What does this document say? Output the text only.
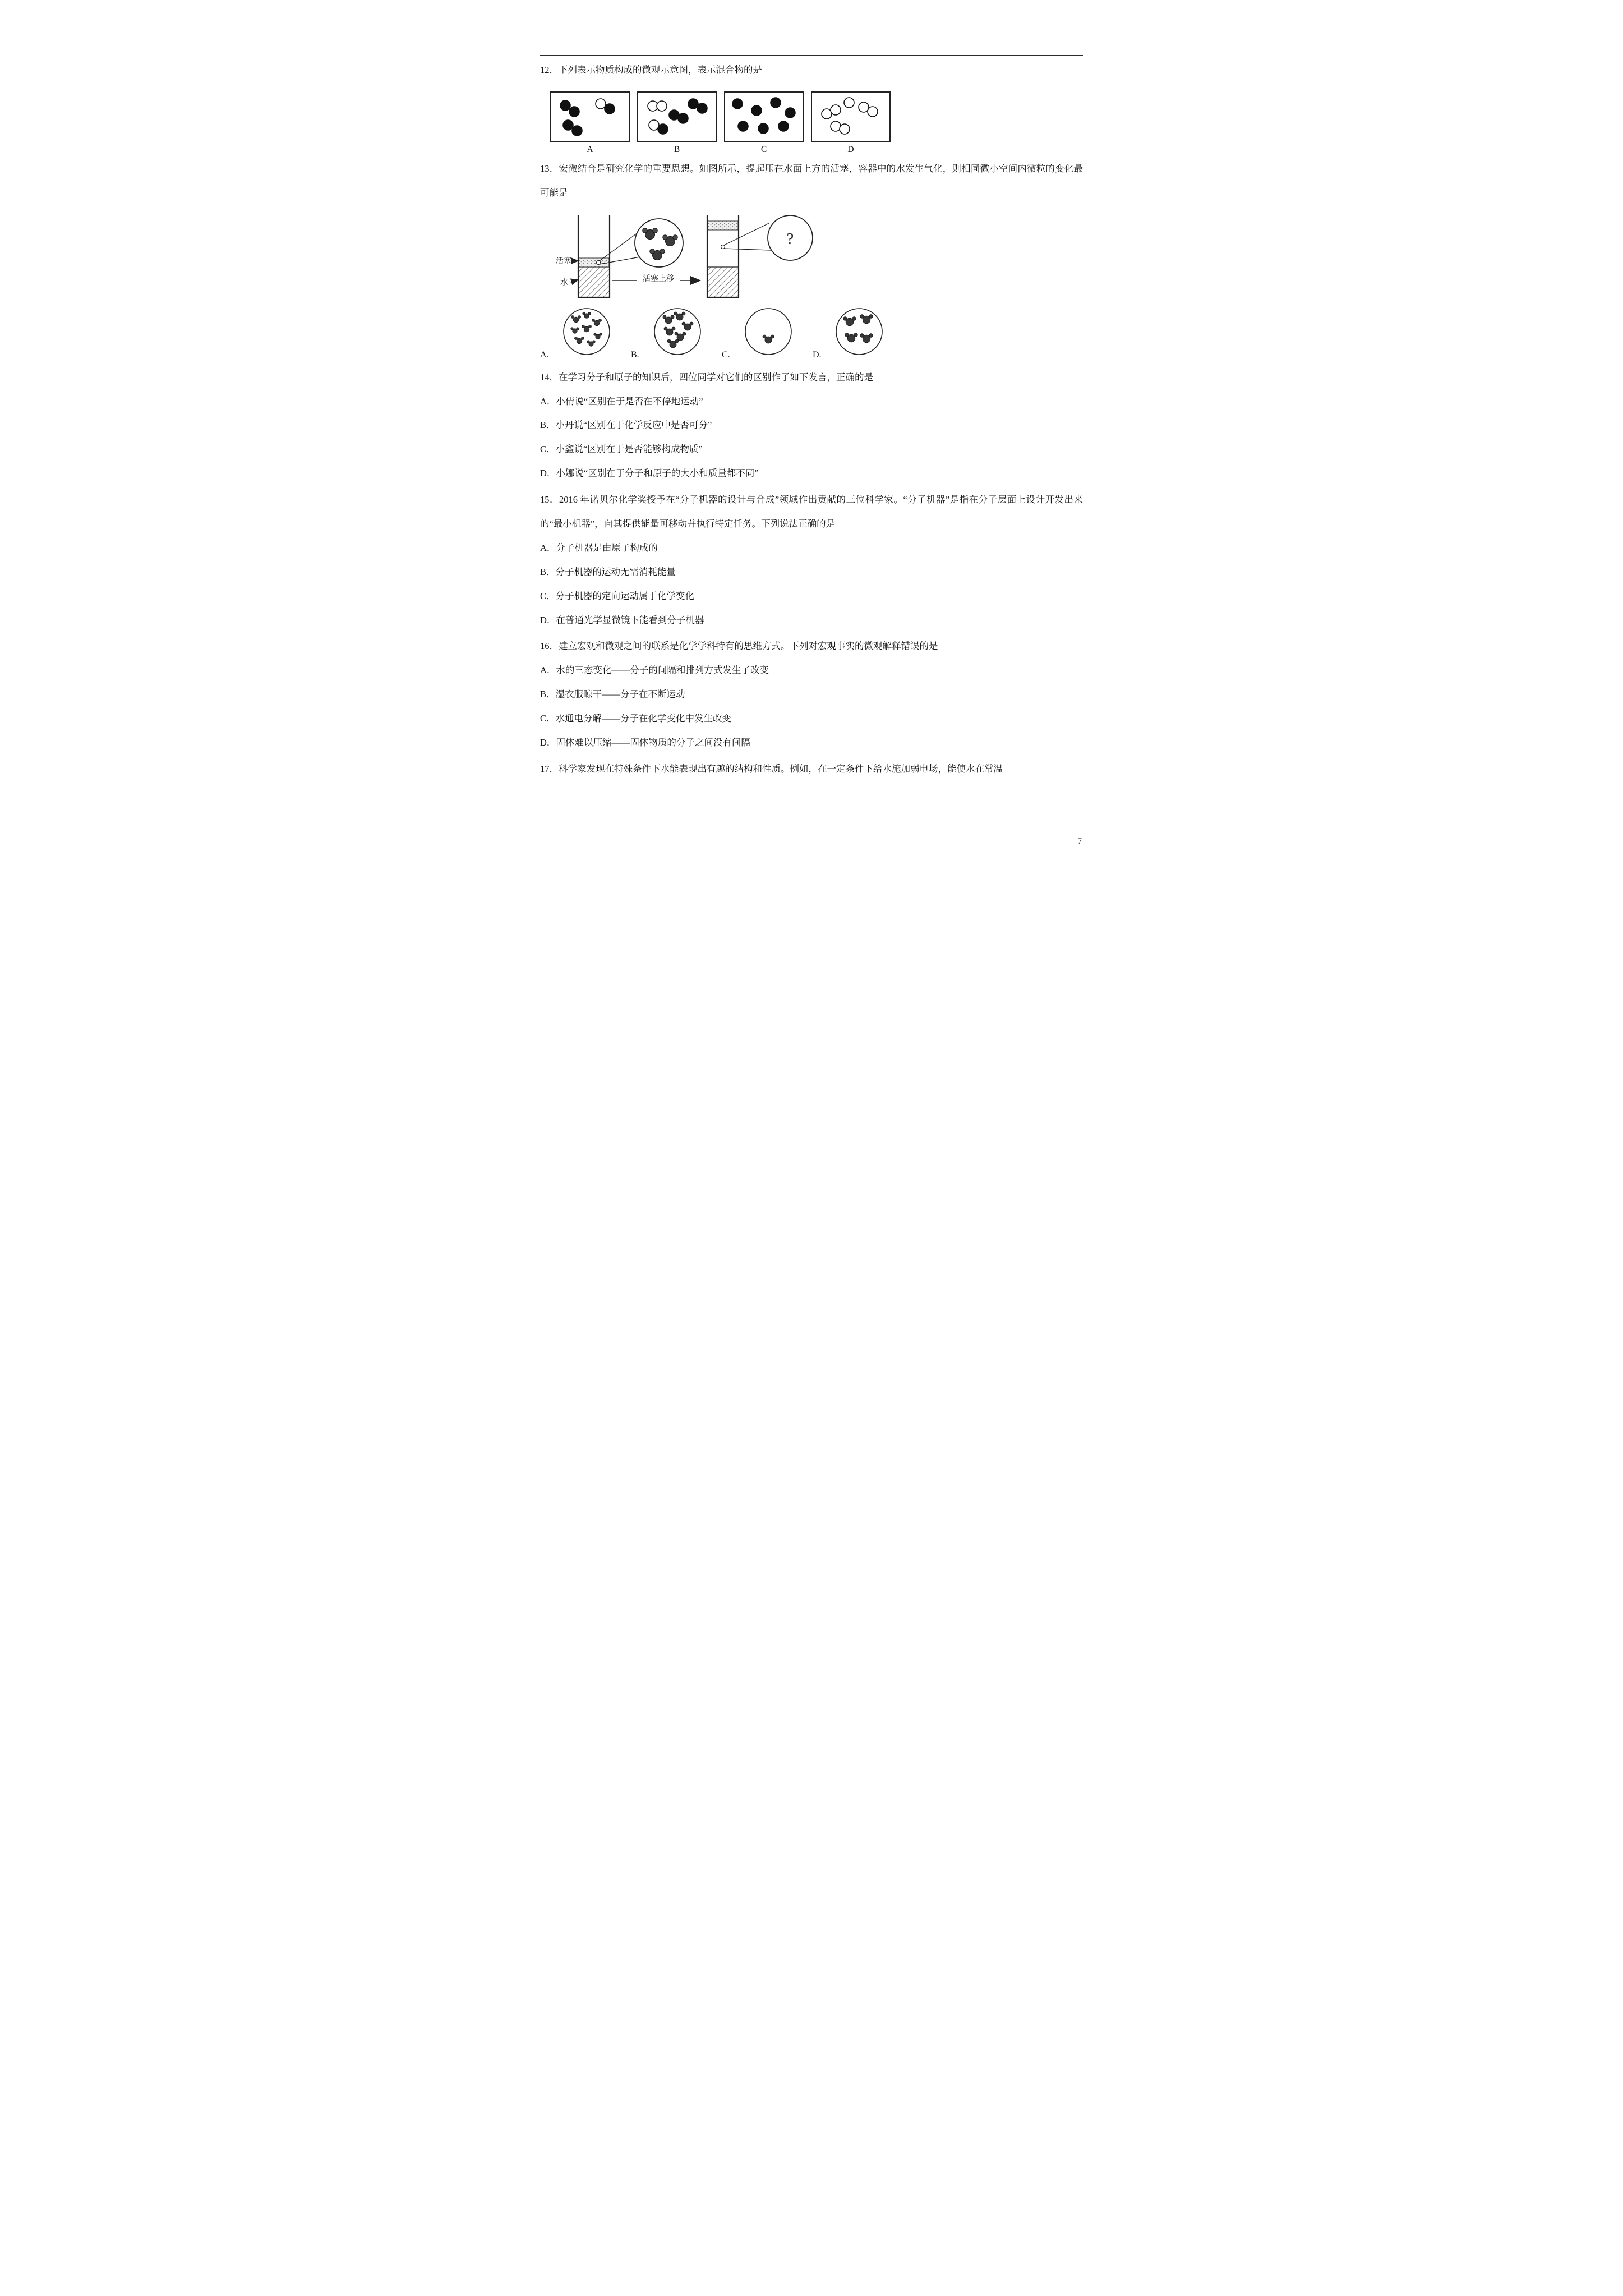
12．下列表示物质构成的微观示意图，表示混合物的是

A	B	C	D

13．宏微结合是研究化学的重要思想。如图所示，提起压在水面上方的活塞，容器中的水发生气化，则相同微小空间内微粒的变化最可能是

活塞
水	活塞上移
?
A.	B.	C.	D.

14．在学习分子和原子的知识后，四位同学对它们的区别作了如下发言，正确的是

A．小倩说“区别在于是否在不停地运动”

B．小丹说“区别在于化学反应中是否可分”

C．小鑫说“区别在于是否能够构成物质”

D．小娜说“区别在于分子和原子的大小和质量都不同”

15．2016 年诺贝尔化学奖授予在“分子机器的设计与合成”领域作出贡献的三位科学家。“分子机器”是指在分子层面上设计开发出来的“最小机器”，向其提供能量可移动并执行特定任务。下列说法正确的是

A．分子机器是由原子构成的

B．分子机器的运动无需消耗能量

C．分子机器的定向运动属于化学变化

D．在普通光学显微镜下能看到分子机器

16．建立宏观和微观之间的联系是化学学科特有的思维方式。下列对宏观事实的微观解释错误的是

A．水的三态变化——分子的间隔和排列方式发生了改变

B．湿衣服晾干——分子在不断运动

C．水通电分解——分子在化学变化中发生改变

D．固体难以压缩——固体物质的分子之间没有间隔

17．科学家发现在特殊条件下水能表现出有趣的结构和性质。例如，在一定条件下给水施加弱电场，能使水在常温

7
